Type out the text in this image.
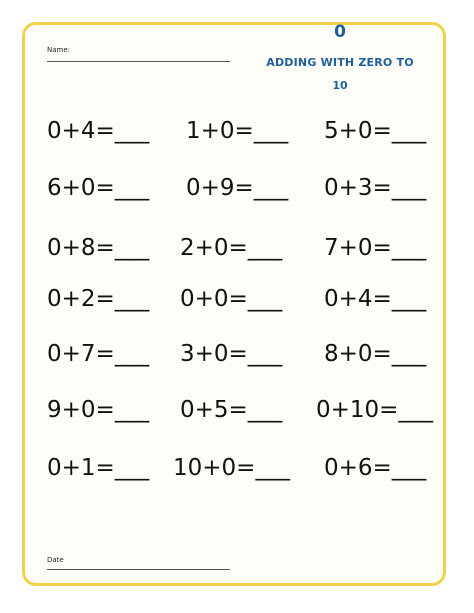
Name:
0
ADDING WITH ZERO TO
10
0+4=___ 1+0=___ 5+0=___
6+0=___ 0+9=___ 0+3=___
0+8=___ 2+0=___ 7+0=___
0+2=___ 0+0=___ 0+4=___
0+7=___ 3+0=___ 8+0=___
9+0=___ 0+5=___ 0+10=___
0+1=___ 10+0=___ 0+6=___
Date
